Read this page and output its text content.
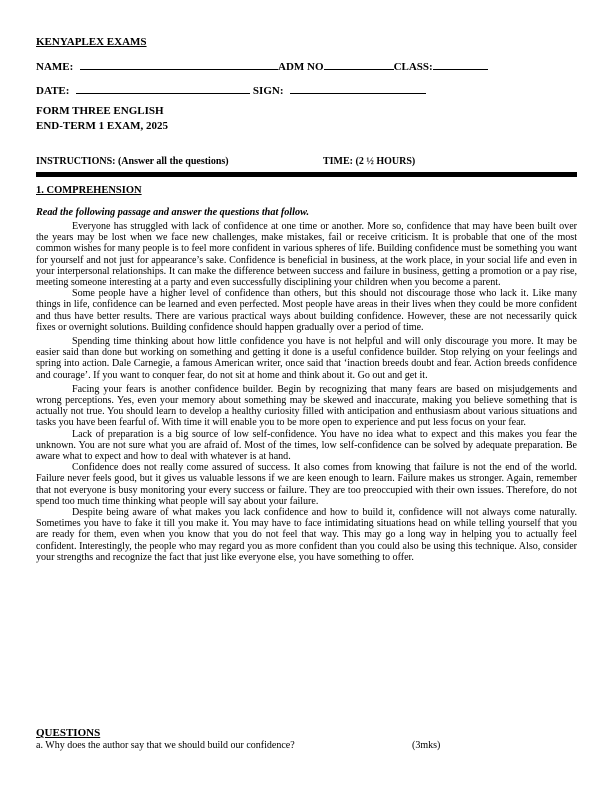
KENYAPLEX EXAMS
NAME:	ADM NO	CLASS:
DATE:	SIGN:
FORM THREE ENGLISH
END-TERM 1 EXAM, 2025
INSTRUCTIONS: (Answer all the questions)	TIME: (2 ½ HOURS)
1. COMPREHENSION
Read the following passage and answer the questions that follow.

Everyone has struggled with lack of confidence at one time or another. More so, confidence that may have been built over the years may be lost when we face new challenges, make mistakes, fail or receive criticism. It is probable that one of the most common wishes for many people is to feel more confident in various spheres of life. Building confidence must be something you want for yourself and not just for appearance’s sake. Confidence is beneficial in business, at the work place, in your social life and even in your interpersonal relationships. It can make the difference between success and failure in business, getting a promotion or a pay rise, meeting someone interesting at a party and even successfully disciplining your children when you become a parent.

Some people have a higher level of confidence than others, but this should not discourage those who lack it. Like many things in life, confidence can be learned and even perfected. Most people have areas in their lives when they could be more confident and thus have better results. There are various practical ways about building confidence. However, these are not necessarily quick fixes or overnight solutions. Building confidence should happen gradually over a period of time.

Spending time thinking about how little confidence you have is not helpful and will only discourage you more. It may be easier said than done but working on something and getting it done is a useful confidence builder. Stop relying on your feelings and spring into action. Dale Carnegie, a famous American writer, once said that ‘inaction breeds doubt and fear. Action breeds confidence and courage’. If you want to conquer fear, do not sit at home and think about it. Go out and get it.

Facing your fears is another confidence builder. Begin by recognizing that many fears are based on misjudgements and wrong perceptions. Yes, even your memory about something may be skewed and inaccurate, making you believe something that is actually not true. You should learn to develop a healthy curiosity filled with anticipation and enthusiasm about various situations and tasks you have been fearful of. With time it will enable you to be more open to experience and put less focus on your fear.

Lack of preparation is a big source of low self-confidence. You have no idea what to expect and this makes you fear the unknown. You are not sure what you are afraid of. Most of the times, low self-confidence can be solved by adequate preparation. Be aware what to expect and how to deal with whatever is at hand.

Confidence does not really come assured of success. It also comes from knowing that failure is not the end of the world. Failure never feels good, but it gives us valuable lessons if we are keen enough to learn. Failure makes us stronger. Again, remember that not everyone is busy monitoring your every success or failure. They are too preoccupied with their own issues. Therefore, do not spend too much time thinking what people will say about your failure.

Despite being aware of what makes you lack confidence and how to build it, confidence will not always come naturally. Sometimes you have to fake it till you make it. You may have to face intimidating situations head on while telling yourself that you are ready for them, even when you know that you do not feel that way. This may go a long way in helping you to actually feel confident. Interestingly, the people who may regard you as more confident than you could also be using this technique. Also, consider your strengths and recognize the fact that just like everyone else, you have something to offer.

QUESTIONS
a. Why does the author say that we should build our confidence?	(3mks)
